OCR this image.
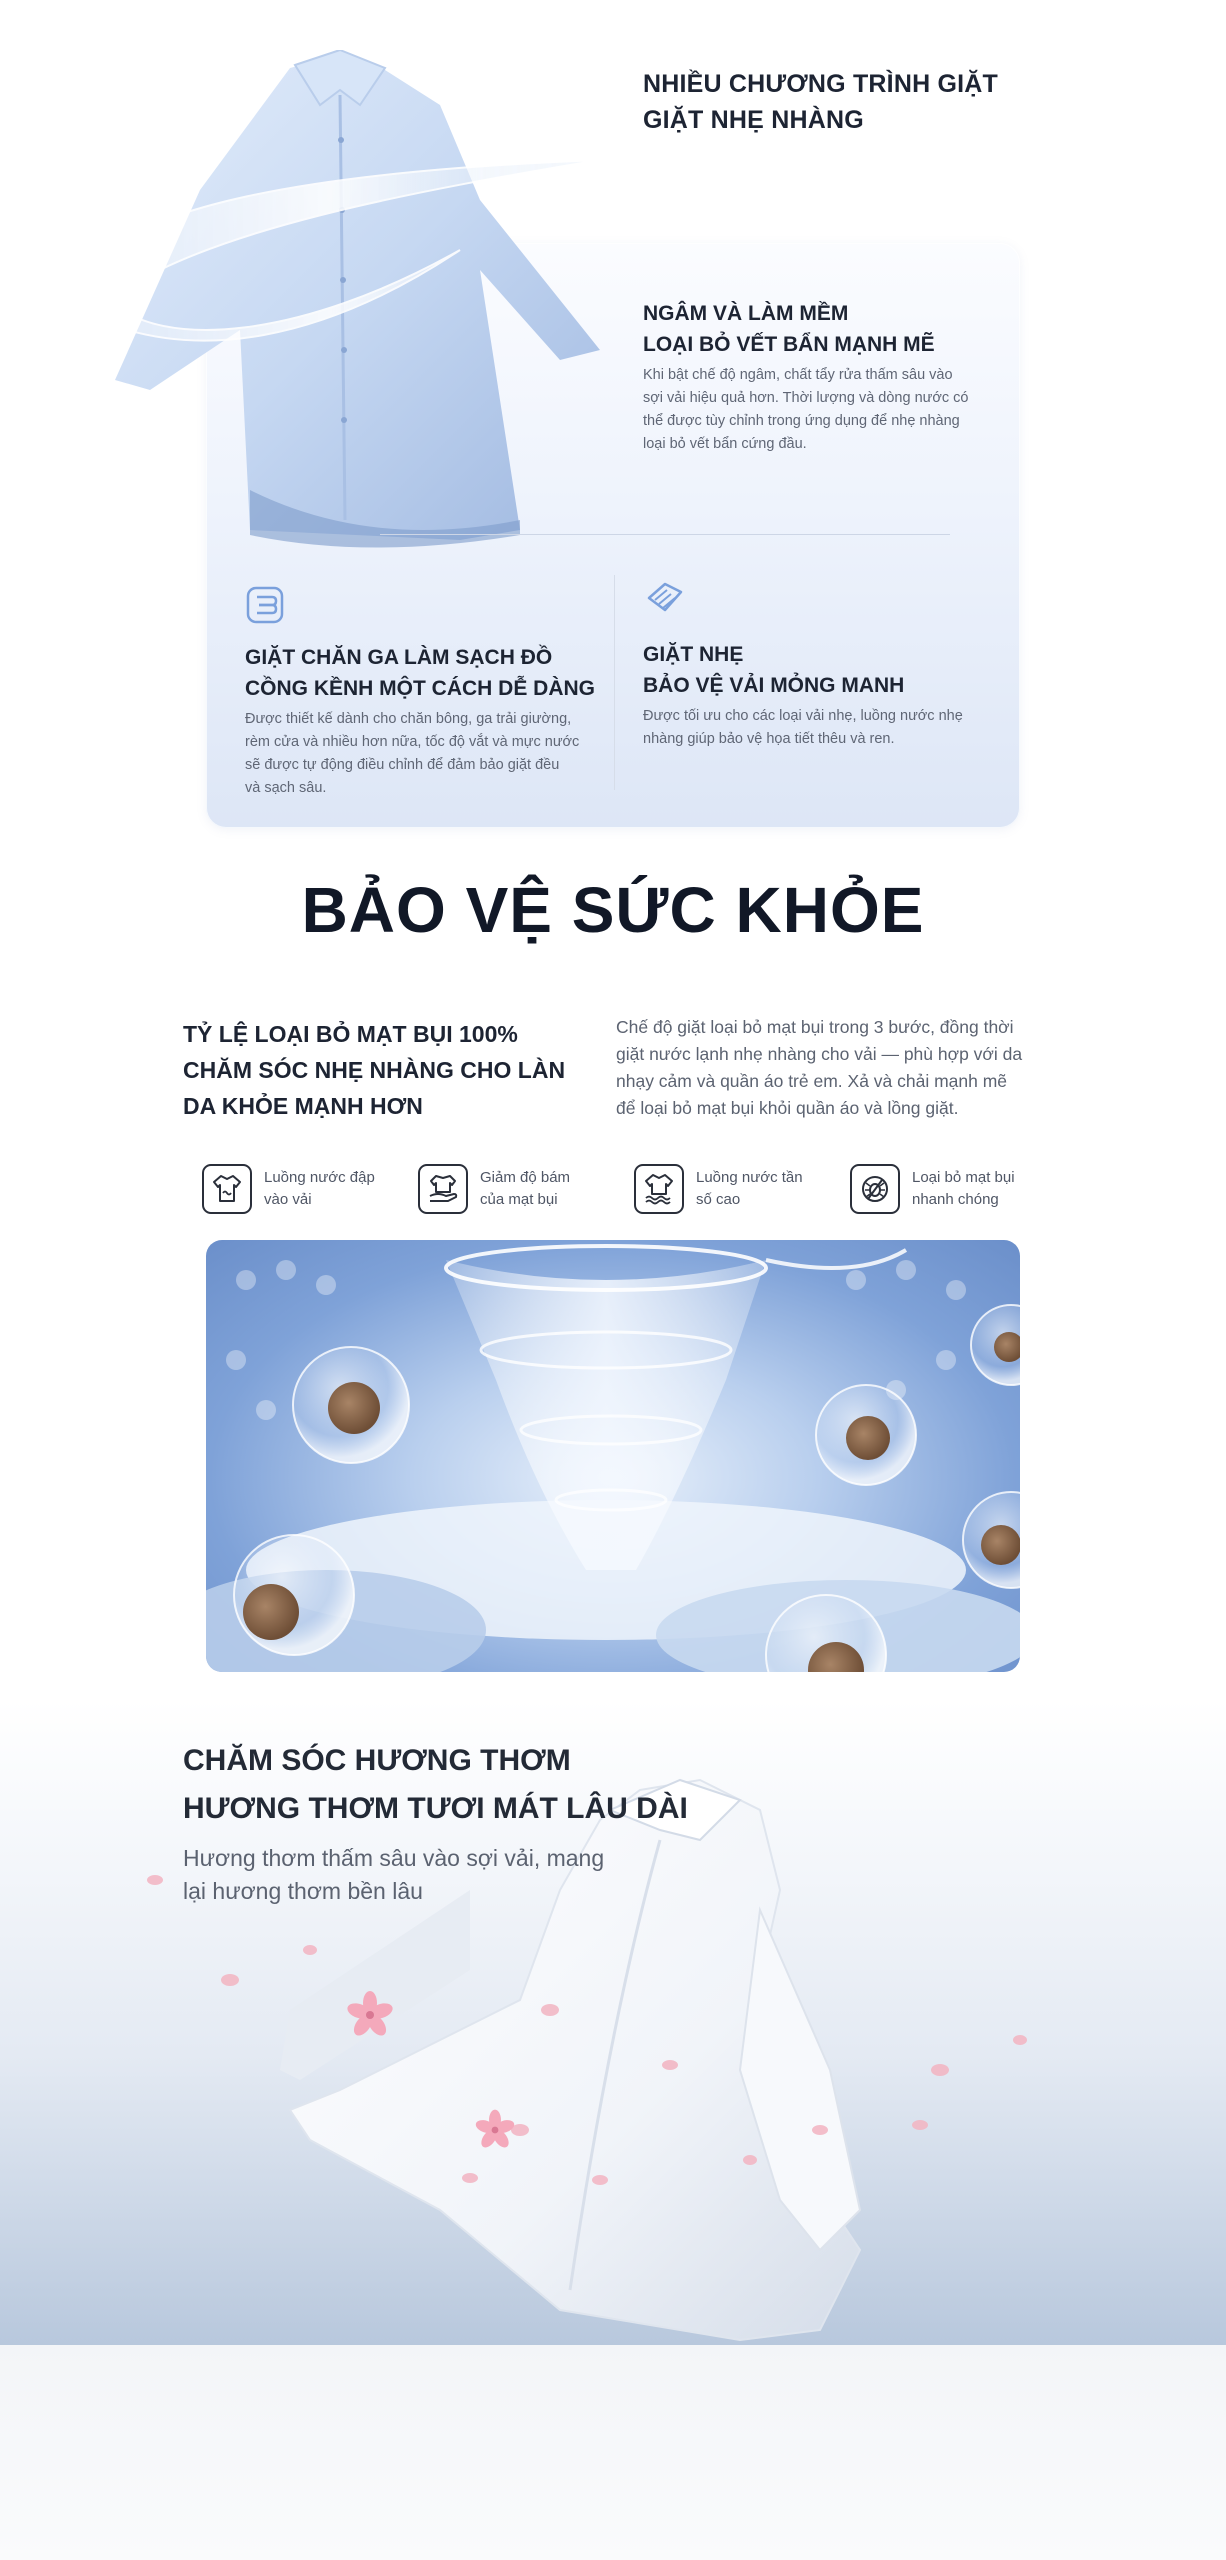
NHIỀU CHƯƠNG TRÌNH GIẶT
GIẶT NHẸ NHÀNG
NGÂM VÀ LÀM MỀM
LOẠI BỎ VẾT BẨN MẠNH MẼ
Khi bật chế độ ngâm, chất tẩy rửa thấm sâu vào
sợi vải hiệu quả hơn. Thời lượng và dòng nước có
thể được tùy chỉnh trong ứng dụng để nhẹ nhàng
loại bỏ vết bẩn cứng đầu.
GIẶT CHĂN GA LÀM SẠCH ĐỒ
CỒNG KỀNH MỘT CÁCH DỄ DÀNG
Được thiết kế dành cho chăn bông, ga trải giường,
rèm cửa và nhiều hơn nữa, tốc độ vắt và mực nước
sẽ được tự động điều chỉnh để đảm bảo giặt đều
và sạch sâu.
GIẶT NHẸ
BẢO VỆ VẢI MỎNG MANH
Được tối ưu cho các loại vải nhẹ, luồng nước nhẹ
nhàng giúp bảo vệ họa tiết thêu và ren.
BẢO VỆ SỨC KHỎE
TỶ LỆ LOẠI BỎ MẠT BỤI 100%
CHĂM SÓC NHẸ NHÀNG CHO LÀN
DA KHỎE MẠNH HƠN
Chế độ giặt loại bỏ mạt bụi trong 3 bước, đồng thời
giặt nước lạnh nhẹ nhàng cho vải — phù hợp với da
nhạy cảm và quần áo trẻ em. Xả và chải mạnh mẽ
để loại bỏ mạt bụi khỏi quần áo và lồng giặt.
Luồng nước đập
vào vải
Giảm độ bám
của mạt bụi
Luồng nước tần
số cao
Loại bỏ mạt bụi
nhanh chóng
CHĂM SÓC HƯƠNG THƠM
HƯƠNG THƠM TƯƠI MÁT LÂU DÀI
Hương thơm thấm sâu vào sợi vải, mang
lại hương thơm bền lâu
